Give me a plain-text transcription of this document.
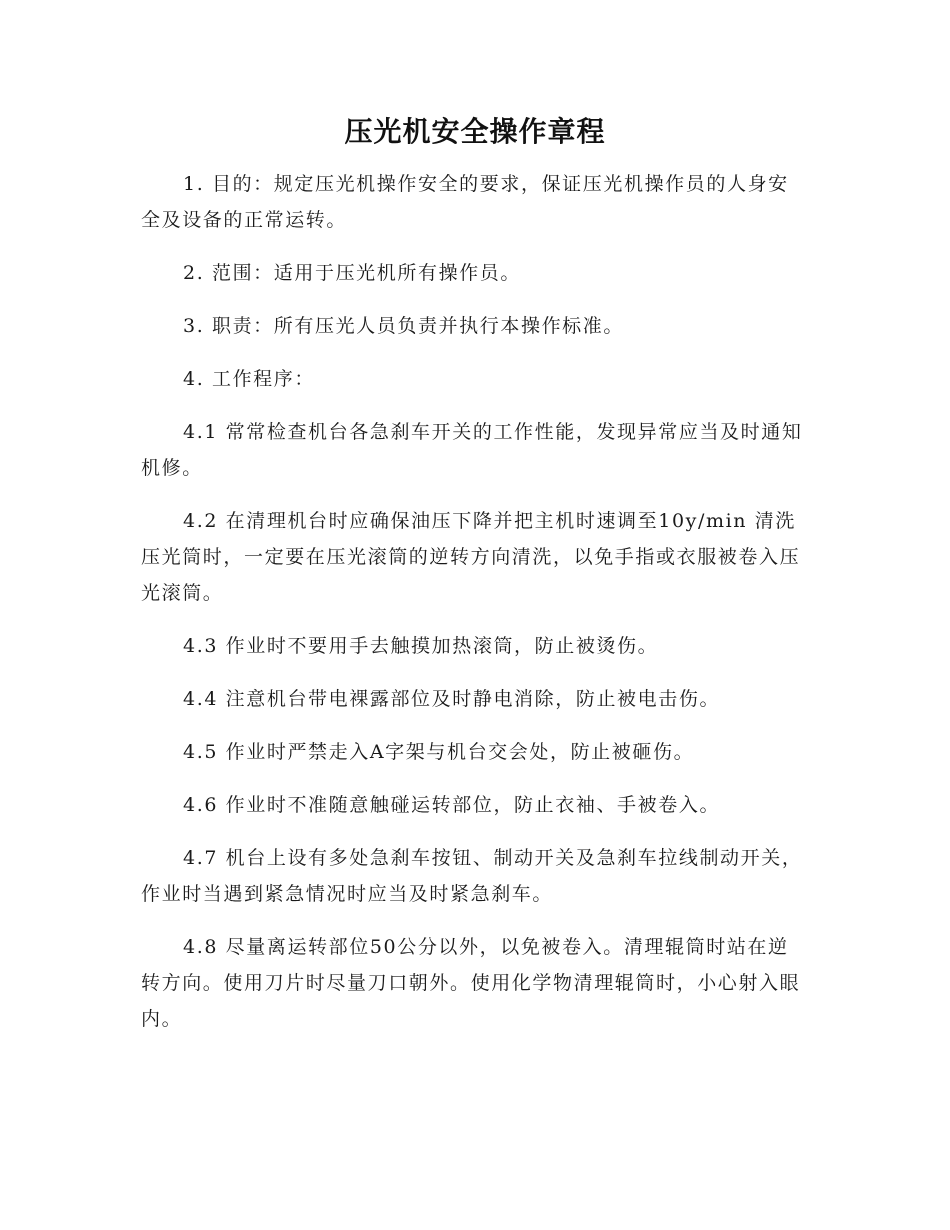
压光机安全操作章程

1. 目的：规定压光机操作安全的要求，保证压光机操作员的人身安全及设备的正常运转。

2. 范围：适用于压光机所有操作员。

3. 职责：所有压光人员负责并执行本操作标准。

4. 工作程序：

4.1 常常检查机台各急刹车开关的工作性能，发现异常应当及时通知机修。

4.2 在清理机台时应确保油压下降并把主机时速调至10y/min 清洗压光筒时，一定要在压光滚筒的逆转方向清洗，以免手指或衣服被卷入压光滚筒。

4.3 作业时不要用手去触摸加热滚筒，防止被烫伤。

4.4 注意机台带电裸露部位及时静电消除，防止被电击伤。

4.5 作业时严禁走入A字架与机台交会处，防止被砸伤。

4.6 作业时不准随意触碰运转部位，防止衣袖、手被卷入。

4.7 机台上设有多处急刹车按钮、制动开关及急刹车拉线制动开关，作业时当遇到紧急情况时应当及时紧急刹车。

4.8 尽量离运转部位50公分以外，以免被卷入。清理辊筒时站在逆转方向。使用刀片时尽量刀口朝外。使用化学物清理辊筒时，小心射入眼内。
